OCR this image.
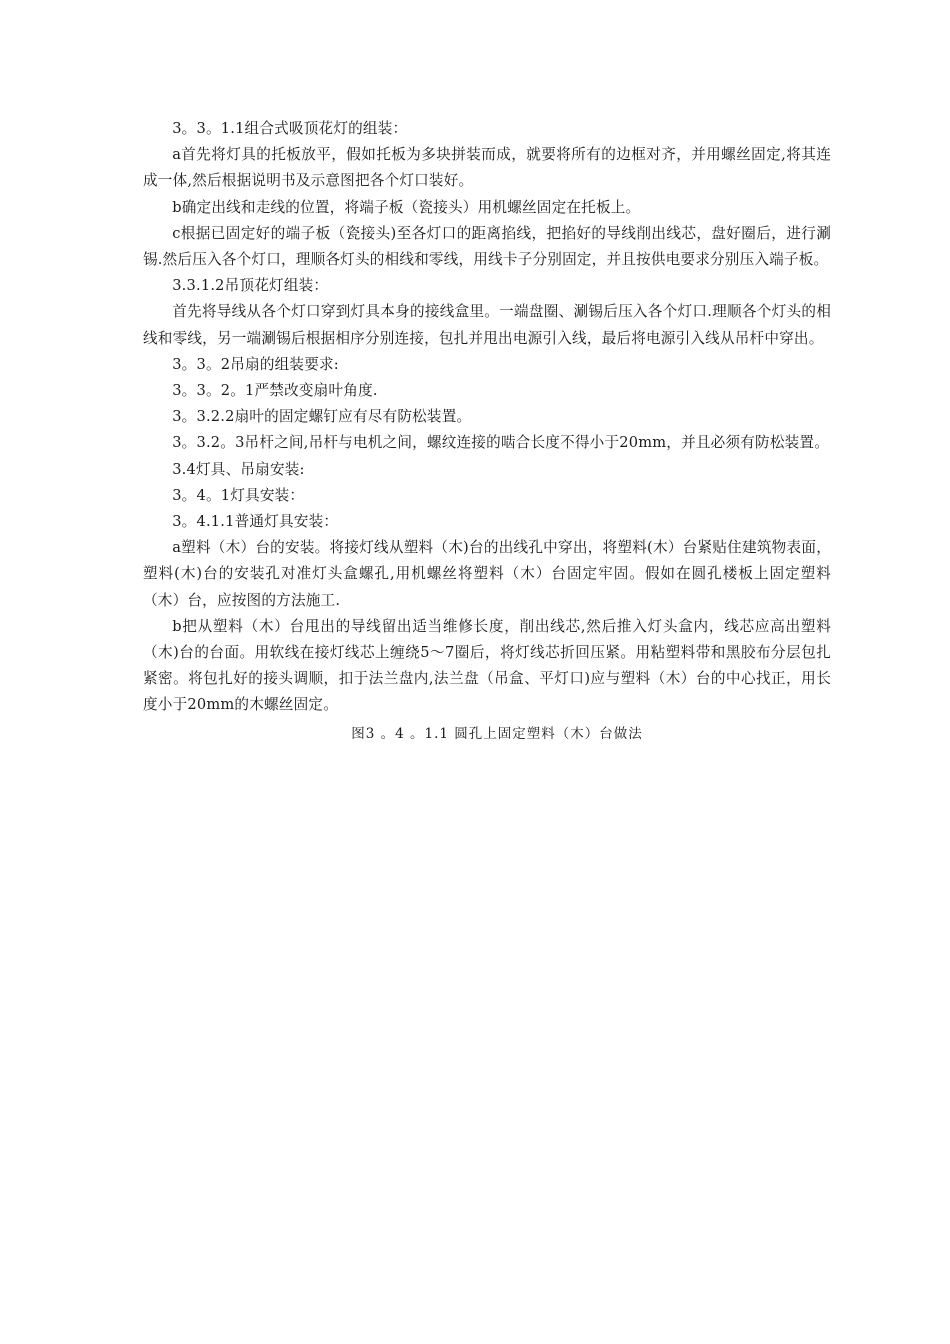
3。3。1.1组合式吸顶花灯的组装：

a首先将灯具的托板放平，假如托板为多块拼装而成，就要将所有的边框对齐，并用螺丝固定,将其连成一体,然后根据说明书及示意图把各个灯口装好。

b确定出线和走线的位置，将端子板（瓷接头）用机螺丝固定在托板上。

c根据已固定好的端子板（瓷接头)至各灯口的距离掐线，把掐好的导线削出线芯，盘好圈后，进行涮锡.然后压入各个灯口，理顺各灯头的相线和零线，用线卡子分别固定，并且按供电要求分别压入端子板。

3.3.1.2吊顶花灯组装：

首先将导线从各个灯口穿到灯具本身的接线盒里。一端盘圈、涮锡后压入各个灯口.理顺各个灯头的相线和零线，另一端涮锡后根据相序分别连接，包扎并甩出电源引入线，最后将电源引入线从吊杆中穿出。

3。3。2吊扇的组装要求:

3。3。2。1严禁改变扇叶角度.

3。3.2.2扇叶的固定螺钉应有尽有防松装置。

3。3.2。3吊杆之间,吊杆与电机之间，螺纹连接的啮合长度不得小于20mm，并且必须有防松装置。

3.4灯具、吊扇安装:

3。4。1灯具安装：

3。4.1.1普通灯具安装：

a塑料（木）台的安装。将接灯线从塑料（木)台的出线孔中穿出，将塑料(木）台紧贴住建筑物表面，塑料(木)台的安装孔对准灯头盒螺孔,用机螺丝将塑料（木）台固定牢固。假如在圆孔楼板上固定塑料（木）台，应按图的方法施工.

b把从塑料（木）台甩出的导线留出适当维修长度，削出线芯,然后推入灯头盒内，线芯应高出塑料（木)台的台面。用软线在接灯线芯上缠绕5～7圈后，将灯线芯折回压紧。用粘塑料带和黑胶布分层包扎紧密。将包扎好的接头调顺，扣于法兰盘内,法兰盘（吊盒、平灯口)应与塑料（木）台的中心找正，用长度小于20mm的木螺丝固定。

图3 。4 。1.1 圆孔上固定塑料（木）台做法
